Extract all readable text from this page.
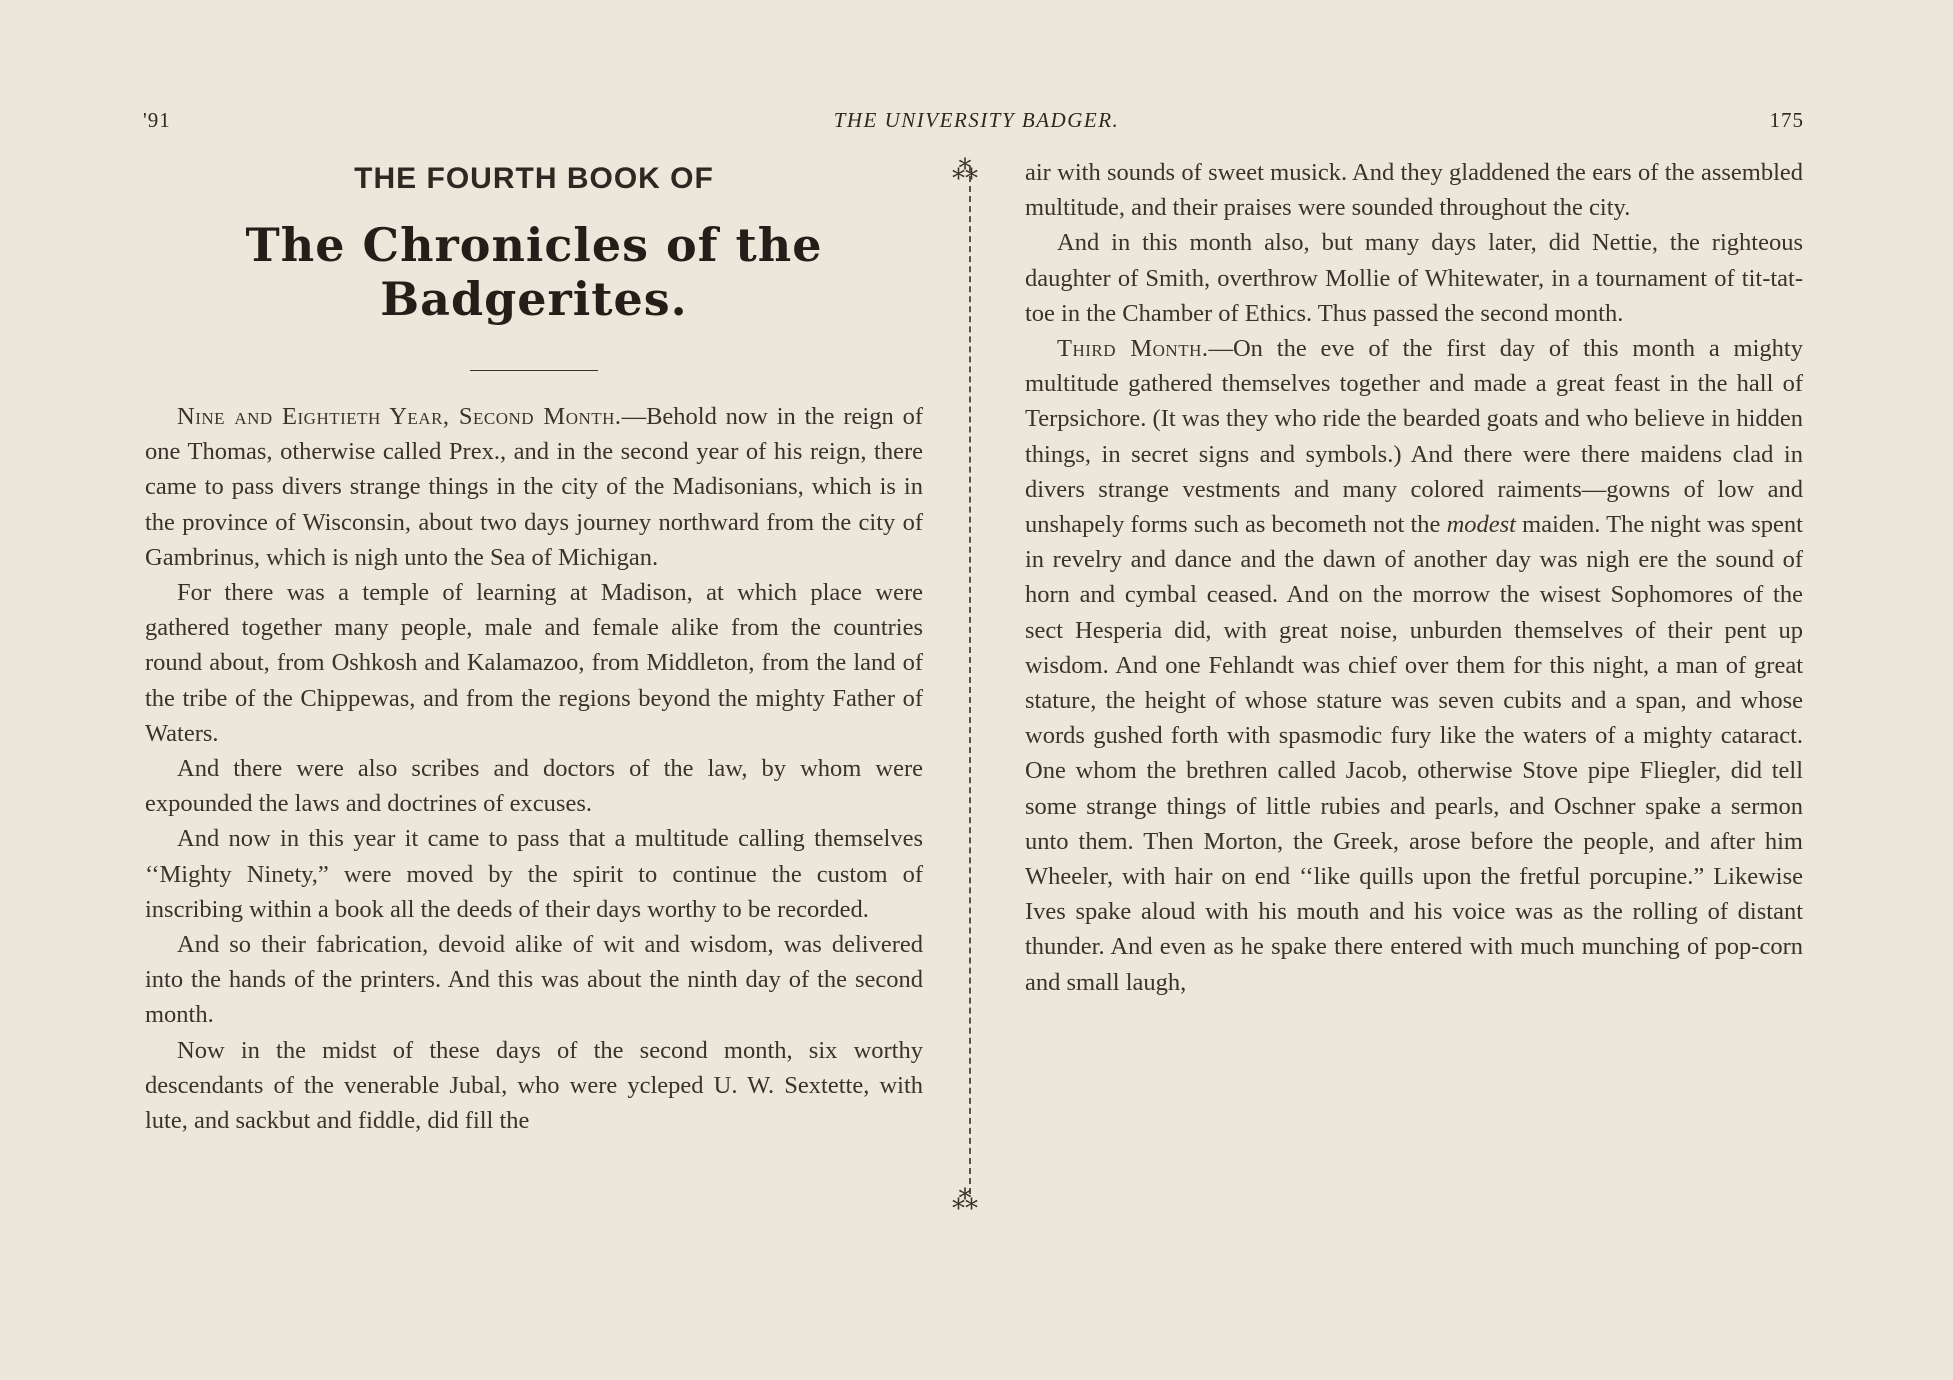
'91	THE UNIVERSITY BADGER.	175
THE FOURTH BOOK OF
The Chronicles of the Badgerites.

Nine and Eightieth Year, Second Month.—Behold now in the reign of one Thomas, otherwise called Prex., and in the second year of his reign, there came to pass divers strange things in the city of the Madisonians, which is in the province of Wisconsin, about two days journey northward from the city of Gambrinus, which is nigh unto the Sea of Michigan.

For there was a temple of learning at Madison, at which place were gathered together many people, male and female alike from the countries round about, from Oshkosh and Kalamazoo, from Middleton, from the land of the tribe of the Chippewas, and from the regions beyond the mighty Father of Waters.

And there were also scribes and doctors of the law, by whom were expounded the laws and doctrines of excuses.

And now in this year it came to pass that a multitude calling themselves ‘‘Mighty Ninety,” were moved by the spirit to continue the custom of inscribing within a book all the deeds of their days worthy to be recorded.

And so their fabrication, devoid alike of wit and wisdom, was delivered into the hands of the printers. And this was about the ninth day of the second month.

Now in the midst of these days of the second month, six worthy descendants of the venerable Jubal, who were ycleped U. W. Sextette, with lute, and sackbut and fiddle, did fill the

⁂
⁂

air with sounds of sweet musick. And they gladdened the ears of the assembled multitude, and their praises were sounded throughout the city.

And in this month also, but many days later, did Nettie, the righteous daughter of Smith, overthrow Mollie of Whitewater, in a tournament of tit-tat-toe in the Chamber of Ethics. Thus passed the second month.

Third Month.—On the eve of the first day of this month a mighty multitude gathered themselves together and made a great feast in the hall of Terpsichore. (It was they who ride the bearded goats and who believe in hidden things, in secret signs and symbols.) And there were there maidens clad in divers strange vestments and many colored raiments—gowns of low and unshapely forms such as becometh not the modest maiden. The night was spent in revelry and dance and the dawn of another day was nigh ere the sound of horn and cymbal ceased. And on the morrow the wisest Sophomores of the sect Hesperia did, with great noise, unburden themselves of their pent up wisdom. And one Fehlandt was chief over them for this night, a man of great stature, the height of whose stature was seven cubits and a span, and whose words gushed forth with spasmodic fury like the waters of a mighty cataract. One whom the brethren called Jacob, otherwise Stove pipe Fliegler, did tell some strange things of little rubies and pearls, and Oschner spake a sermon unto them. Then Morton, the Greek, arose before the people, and after him Wheeler, with hair on end ‘‘like quills upon the fretful porcupine.” Likewise Ives spake aloud with his mouth and his voice was as the rolling of distant thunder. And even as he spake there entered with much munching of pop-corn and small laugh,
